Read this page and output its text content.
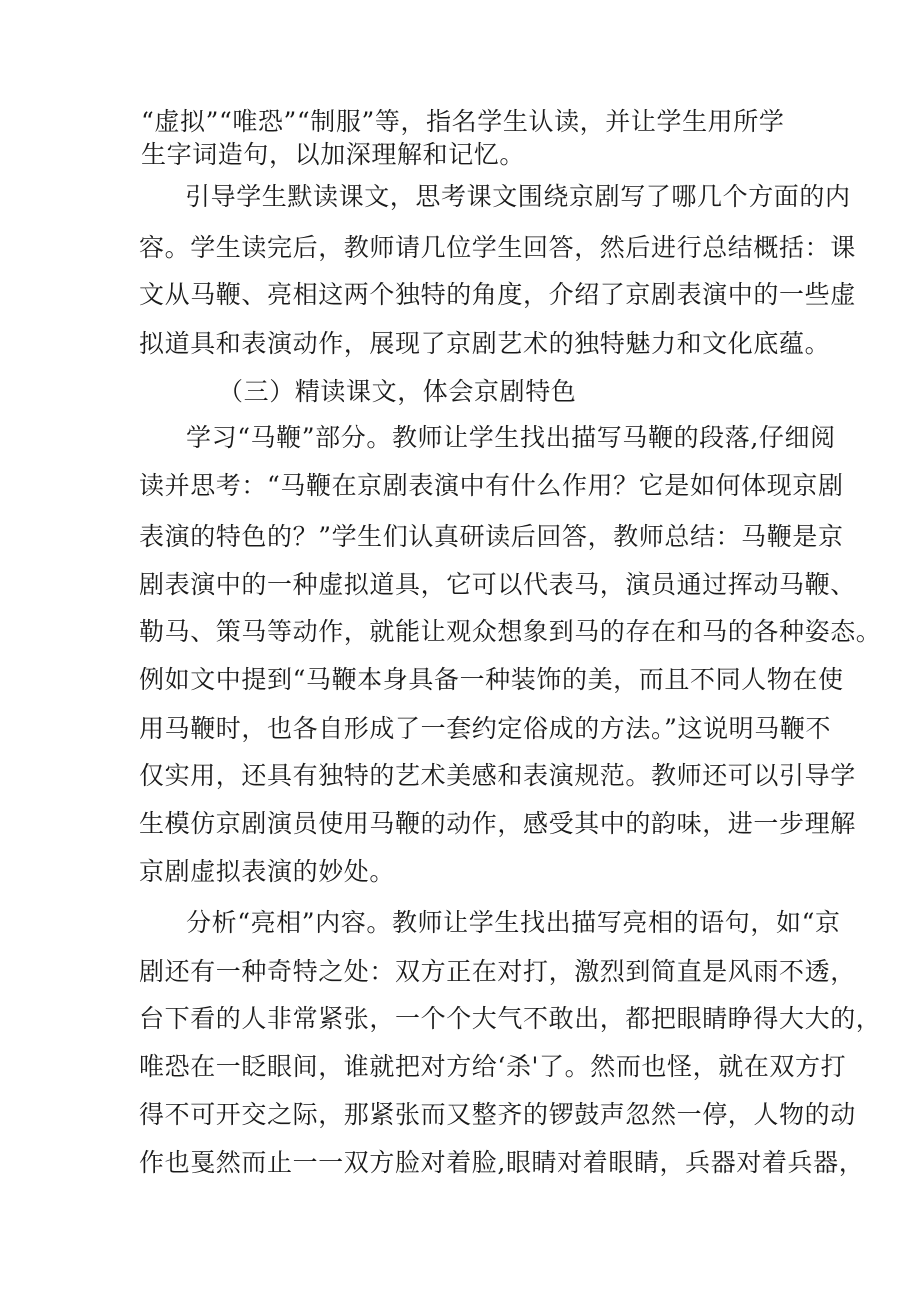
“虚拟”“唯恐”“制服”等，指名学生认读，并让学生用所学

生字词造句，以加深理解和记忆。

引导学生默读课文，思考课文围绕京剧写了哪几个方面的内

容。学生读完后，教师请几位学生回答，然后进行总结概括：课

文从马鞭、亮相这两个独特的角度，介绍了京剧表演中的一些虚

拟道具和表演动作，展现了京剧艺术的独特魅力和文化底蕴。

（三）精读课文，体会京剧特色

学习“马鞭”部分。教师让学生找出描写马鞭的段落,仔细阅

读并思考：“马鞭在京剧表演中有什么作用？它是如何体现京剧

表演的特色的？”学生们认真研读后回答，教师总结：马鞭是京

剧表演中的一种虚拟道具，它可以代表马，演员通过挥动马鞭、

勒马、策马等动作，就能让观众想象到马的存在和马的各种姿态。

例如文中提到“马鞭本身具备一种装饰的美，而且不同人物在使

用马鞭时，也各自形成了一套约定俗成的方法。”这说明马鞭不

仅实用，还具有独特的艺术美感和表演规范。教师还可以引导学

生模仿京剧演员使用马鞭的动作，感受其中的韵味，进一步理解

京剧虚拟表演的妙处。

分析“亮相”内容。教师让学生找出描写亮相的语句，如“京

剧还有一种奇特之处：双方正在对打，激烈到简直是风雨不透，

台下看的人非常紧张，一个个大气不敢出，都把眼睛睁得大大的，

唯恐在一眨眼间，谁就把对方给‘杀'了。然而也怪，就在双方打

得不可开交之际，那紧张而又整齐的锣鼓声忽然一停，人物的动

作也戛然而止一一双方脸对着脸,眼睛对着眼睛，兵器对着兵器，
